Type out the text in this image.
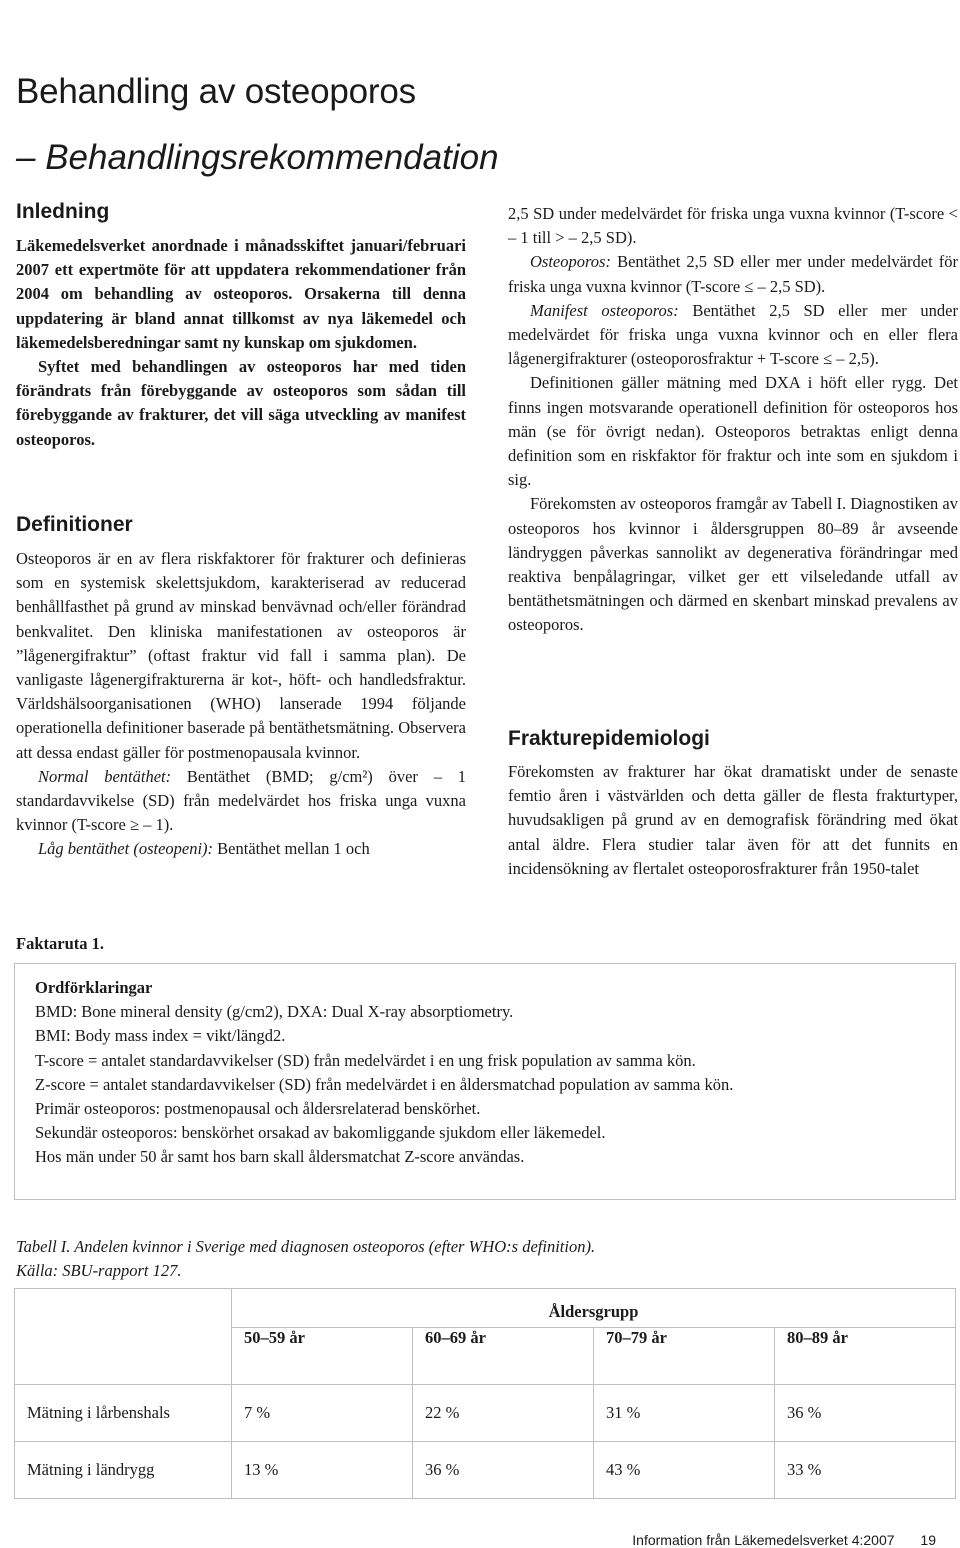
Behandling av osteoporos
– Behandlingsrekommendation
Inledning

Läkemedelsverket anordnade i månadsskiftet januari/februari 2007 ett expertmöte för att uppdatera rekommendationer från 2004 om behandling av osteoporos. Orsakerna till denna uppdatering är bland annat tillkomst av nya läkemedel och läkemedelsberedningar samt ny kunskap om sjukdomen.

Syftet med behandlingen av osteoporos har med tiden förändrats från förebyggande av osteoporos som sådan till förebyggande av frakturer, det vill säga utveckling av manifest osteoporos.

Definitioner

Osteoporos är en av flera riskfaktorer för frakturer och definieras som en systemisk skelettsjukdom, karakteriserad av reducerad benhållfasthet på grund av minskad benvävnad och/eller förändrad benkvalitet. Den kliniska manifestationen av osteoporos är ”lågenergifraktur” (oftast fraktur vid fall i samma plan). De vanligaste lågenergifrakturerna är kot-, höft- och handledsfraktur. Världshälsoorganisationen (WHO) lanserade 1994 följande operationella definitioner baserade på bentäthetsmätning. Observera att dessa endast gäller för postmenopausala kvinnor.

Normal bentäthet: Bentäthet (BMD; g/cm²) över – 1 standardavvikelse (SD) från medelvärdet hos friska unga vuxna kvinnor (T-score ≥ – 1).

Låg bentäthet (osteopeni): Bentäthet mellan 1 och

2,5 SD under medelvärdet för friska unga vuxna kvinnor (T-score < – 1 till > – 2,5 SD).

Osteoporos: Bentäthet 2,5 SD eller mer under medelvärdet för friska unga vuxna kvinnor (T-score ≤ – 2,5 SD).

Manifest osteoporos: Bentäthet 2,5 SD eller mer under medelvärdet för friska unga vuxna kvinnor och en eller flera lågenergifrakturer (osteoporosfraktur + T-score ≤ – 2,5).

Definitionen gäller mätning med DXA i höft eller rygg. Det finns ingen motsvarande operationell definition för osteoporos hos män (se för övrigt nedan). Osteoporos betraktas enligt denna definition som en riskfaktor för fraktur och inte som en sjukdom i sig.

Förekomsten av osteoporos framgår av Tabell I. Diagnostiken av osteoporos hos kvinnor i åldersgruppen 80–89 år avseende ländryggen påverkas sannolikt av degenerativa förändringar med reaktiva benpålagringar, vilket ger ett vilseledande utfall av bentäthetsmätningen och därmed en skenbart minskad prevalens av osteoporos.

Frakturepidemiologi

Förekomsten av frakturer har ökat dramatiskt under de senaste femtio åren i västvärlden och detta gäller de flesta frakturtyper, huvudsakligen på grund av en demografisk förändring med ökat antal äldre. Flera studier talar även för att det funnits en incidensökning av flertalet osteoporosfrakturer från 1950-talet

Faktaruta 1.
Ordförklaringar
BMD: Bone mineral density (g/cm2), DXA: Dual X-ray absorptiometry.
BMI: Body mass index = vikt/längd2.
T-score = antalet standardavvikelser (SD) från medelvärdet i en ung frisk population av samma kön.
Z-score = antalet standardavvikelser (SD) från medelvärdet i en åldersmatchad population av samma kön.
Primär osteoporos: postmenopausal och åldersrelaterad benskörhet.
Sekundär osteoporos: benskörhet orsakad av bakomliggande sjukdom eller läkemedel.
Hos män under 50 år samt hos barn skall åldersmatchat Z-score användas.
Tabell I. Andelen kvinnor i Sverige med diagnosen osteoporos (efter WHO:s definition).
Källa: SBU-rapport 127.
	Åldersgrupp			
	50–59 år	60–69 år	70–79 år	80–89 år
Mätning i lårbenshals	7 %	22 %	31 %	36 %
Mätning i ländrygg	13 %	36 %	43 %	33 %
Information från Läkemedelsverket 4:2007 19
